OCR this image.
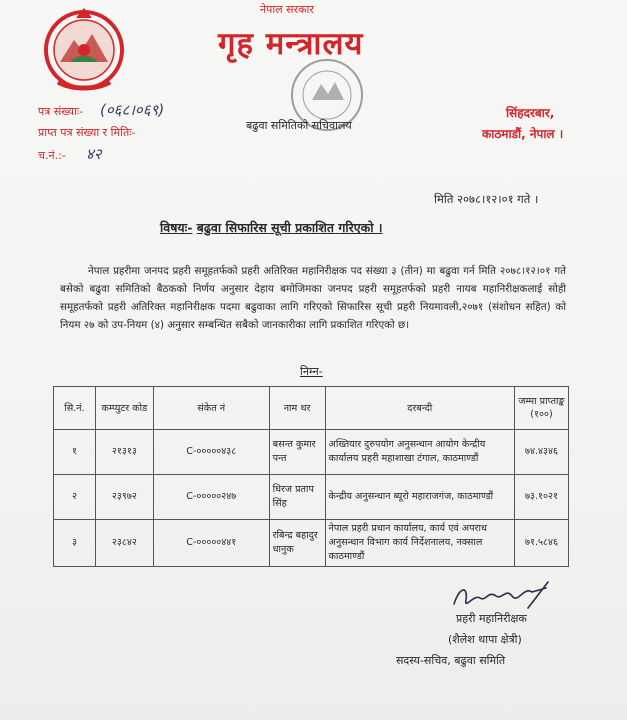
नेपाल सरकार
गृह मन्त्रालय
पत्र संख्याः- (०६८।०६९)
प्राप्त पत्र संख्या र मितिः-
च.नं.:- ४२
बढुवा समितिको सचिवालय
सिंहदरबार,
काठमाडौं, नेपाल ।
मिति २०७८।१२।०१ गते ।
विषयः- बढुवा सिफारिस सूची प्रकाशित गरिएको ।
नेपाल प्रहरीमा जनपद प्रहरी समूहतर्फको प्रहरी अतिरिक्त महानिरीक्षक पद संख्या ३ (तीन) मा बढुवा गर्न मिति २०७८।१२।०१ गते बसेको बढुवा समितिको बैठकको निर्णय अनुसार देहाय बमोजिमका जनपद प्रहरी समूहतर्फको प्रहरी नायब महानिरीक्षकलाई सोही समूहतर्फको प्रहरी अतिरिक्त महानिरीक्षक पदमा बढुवाका लागि गरिएको सिफारिस सूची प्रहरी नियमावली,२०७१ (संशोधन सहित) को नियम २७ को उप-नियम (४) अनुसार सम्बन्धित सबैको जानकारीका लागि प्रकाशित गरिएको छ।
निम्न-
सि.नं.	कम्प्युटर कोड	संकेत नं	नाम थर	दरबन्दी	जम्मा प्राप्ताङ्क (१००)
१	२१३१३	C-०००००४३८	बसन्त कुमार पन्त	अख्तियार दुरुपयोग अनुसन्धान आयोग केन्द्रीय कार्यालय प्रहरी महाशाखा टंगाल, काठमाण्डौं	७४.४३४६
२	२३९७२	C-०००००२४७	धिरज प्रताप सिंह	केन्द्रीय अनुसन्धान ब्यूरो महाराजगंज, काठमाण्डौं	७३.१०२१
३	२३८४२	C-०००००४४१	रबिन्द्र बहादुर धानुक	नेपाल प्रहरी प्रधान कार्यालय, कार्य एवं अपराध अनुसन्धान विभाग कार्य निर्देशनालय, नक्साल काठमाण्डौं	७१.५८४६
प्रहरी महानिरीक्षक
(शैलेश थापा क्षेत्री)
सदस्य-सचिव, बढुवा समिति
